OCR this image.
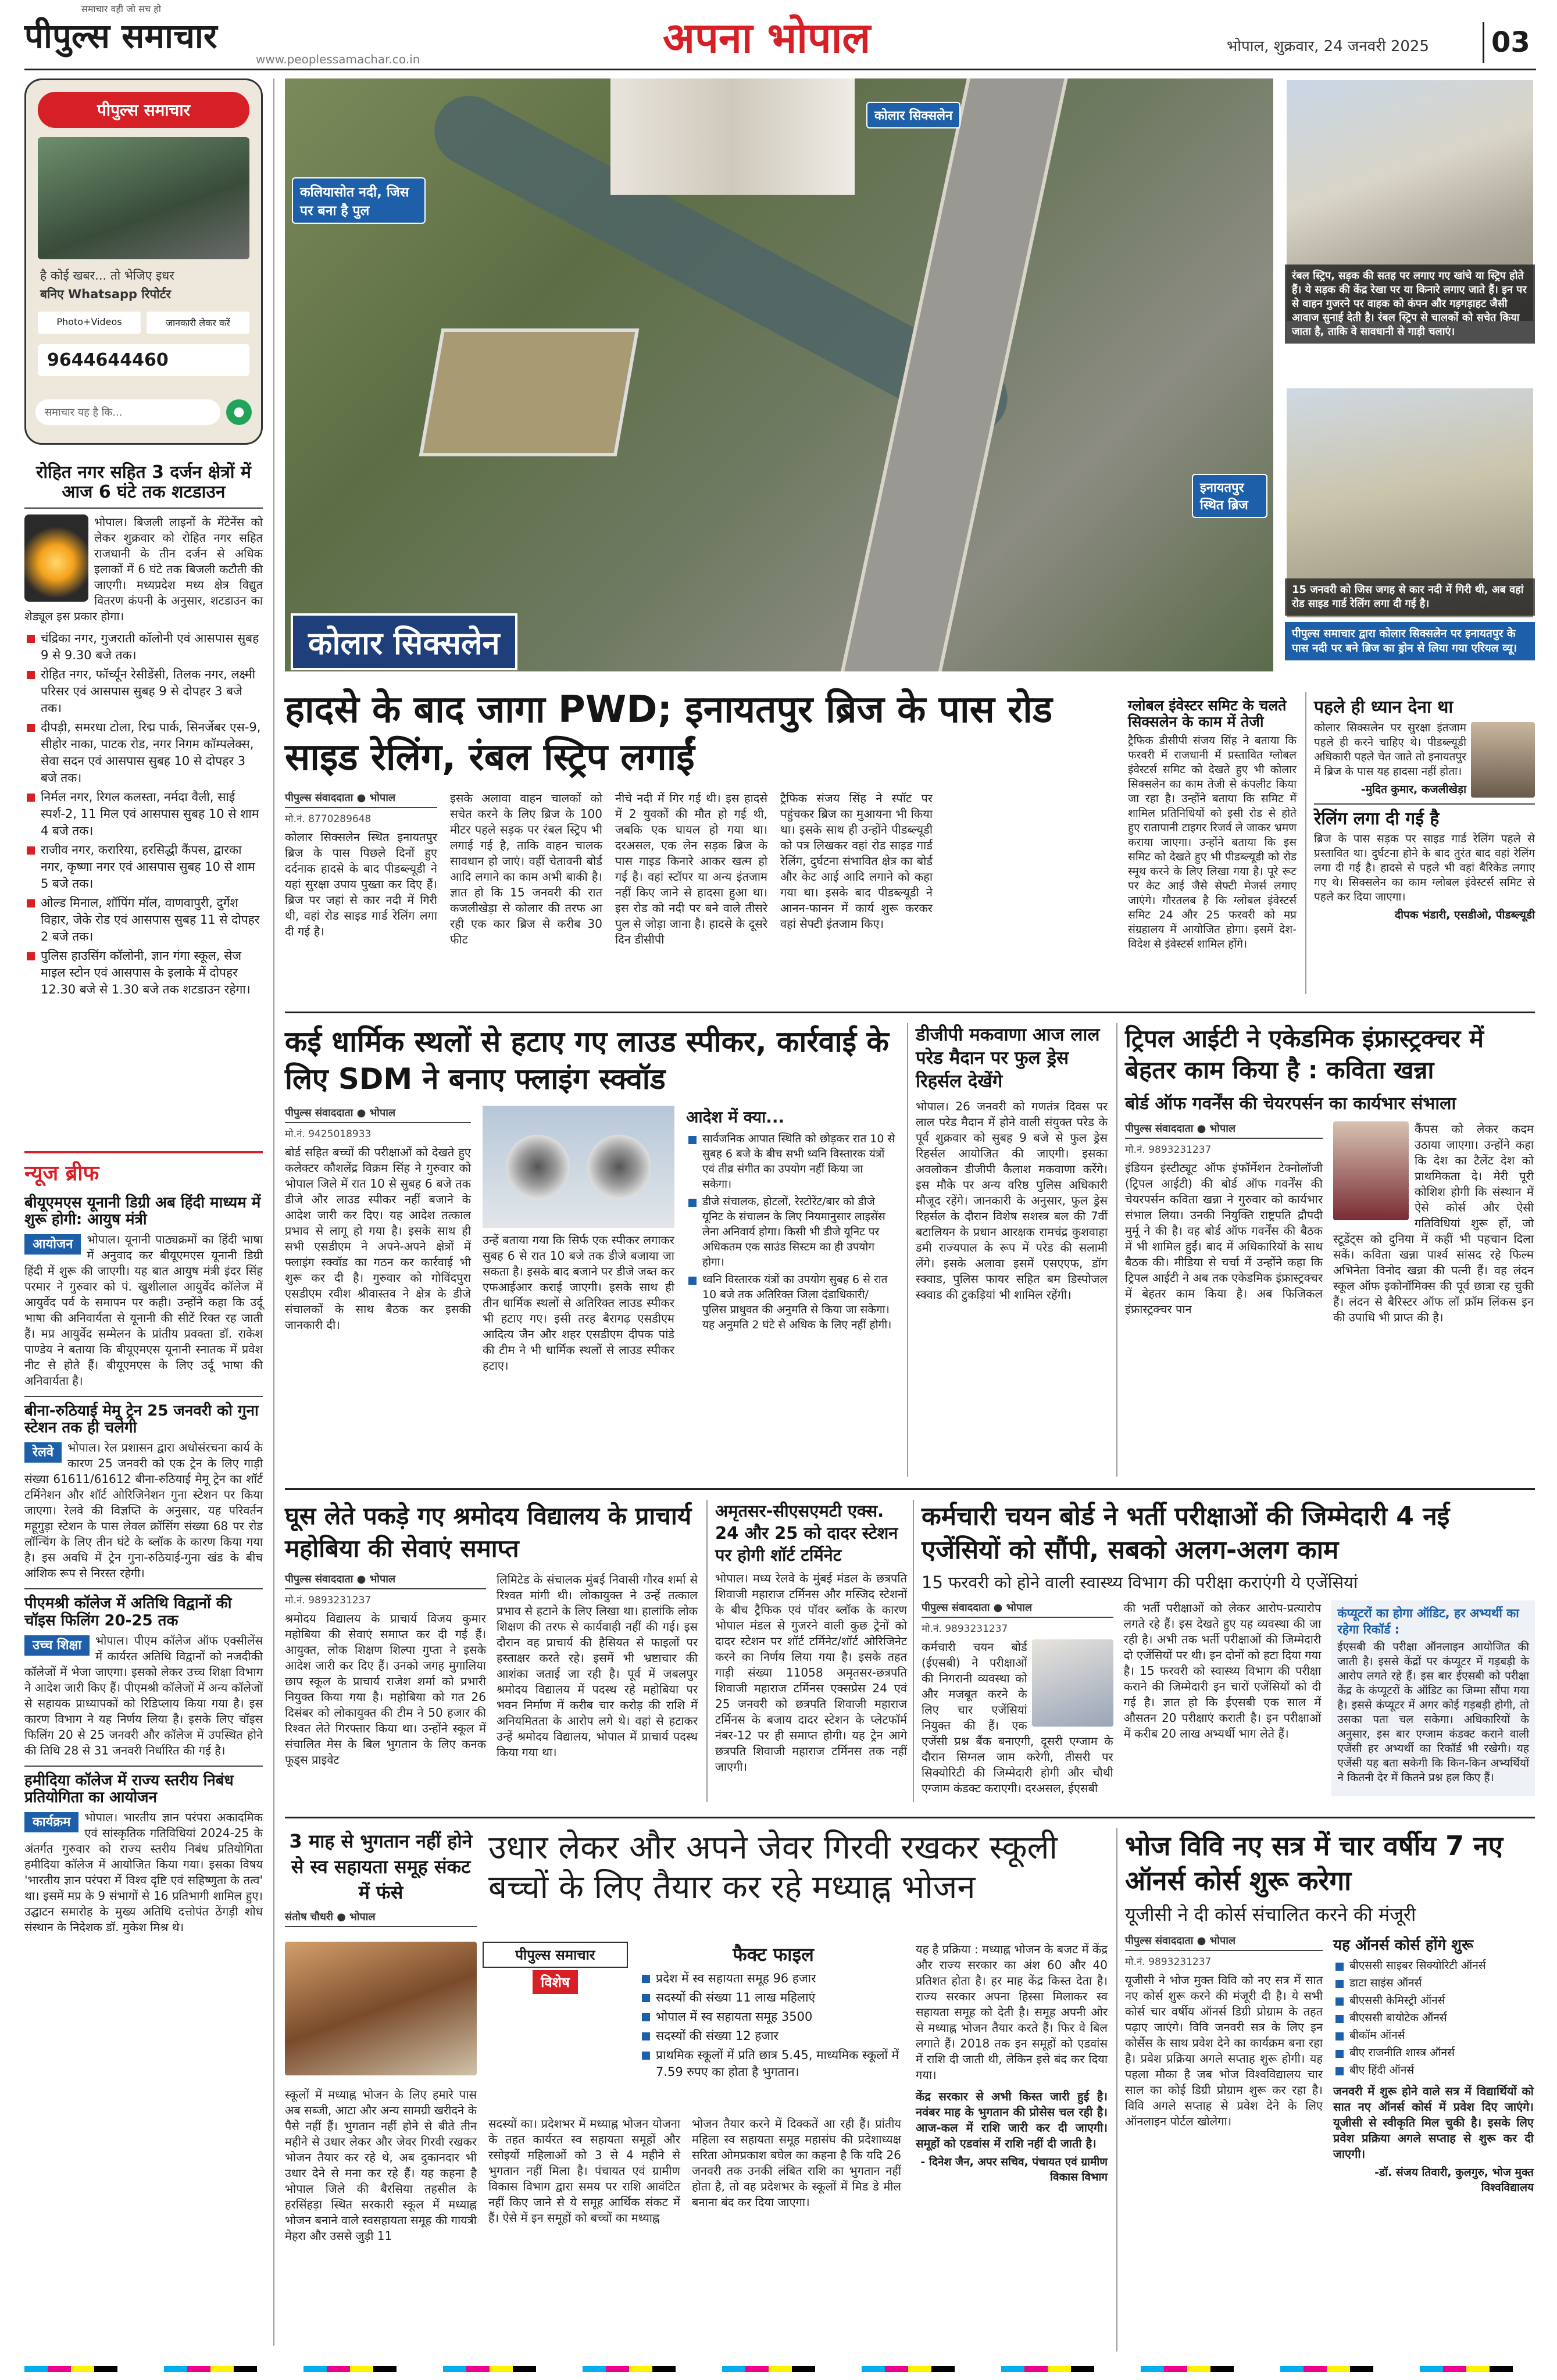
पीपुल्स समाचार
समाचार वही जो सच हो
www.peoplessamachar.co.in	अपना भोपाल	भोपाल, शुक्रवार, 24 जनवरी 2025	03
पीपुल्स समाचार
है कोई खबर... तो भेजिए इधर
बनिए Whatsapp रिपोर्टर
Photo+Videos	जानकारी लेकर करें
9644644460
समाचार यह है कि...	●
रोहित नगर सहित 3 दर्जन क्षेत्रों में आज 6 घंटे तक शटडाउन
भोपाल। बिजली लाइनों के मेंटेनेंस को लेकर शुक्रवार को रोहित नगर सहित राजधानी के तीन दर्जन से अधिक इलाकों में 6 घंटे तक बिजली कटौती की जाएगी। मध्यप्रदेश मध्य क्षेत्र विद्युत वितरण कंपनी के अनुसार, शटडाउन का शेड्यूल इस प्रकार होगा।
चंद्रिका नगर, गुजराती कॉलोनी एवं आसपास सुबह 9 से 9.30 बजे तक।
रोहित नगर, फॉर्च्यून रेसीडेंसी, तिलक नगर, लक्ष्मी परिसर एवं आसपास सुबह 9 से दोपहर 3 बजे तक।
दीपड़ी, समरधा टोला, रिद्म पार्क, सिनर्जेबर एस-9, सीहोर नाका, पाटक रोड, नगर निगम कॉम्पलेक्स, सेवा सदन एवं आसपास सुबह 10 से दोपहर 3 बजे तक।
निर्मल नगर, रिगल कलस्ता, नर्मदा वैली, साई स्पर्श-2, 11 मिल एवं आसपास सुबह 10 से शाम 4 बजे तक।
राजीव नगर, करारिया, हरसिद्धी कैंपस, द्वारका नगर, कृष्णा नगर एवं आसपास सुबह 10 से शाम 5 बजे तक।
ओल्ड मिनाल, शॉपिंग मॉल, वाणवापुरी, दुर्गेश विहार, जेके रोड एवं आसपास सुबह 11 से दोपहर 2 बजे तक।
पुलिस हाउसिंग कॉलोनी, ज्ञान गंगा स्कूल, सेज माइल स्टोन एवं आसपास के इलाके में दोपहर 12.30 बजे से 1.30 बजे तक शटडाउन रहेगा।
न्यूज ब्रीफ
बीयूएमएस यूनानी डिग्री अब हिंदी माध्यम में शुरू होगी: आयुष मंत्री
आयोजन	भोपाल। यूनानी पाठ्यक्रमों का हिंदी भाषा में अनुवाद कर बीयूएमएस यूनानी डिग्री हिंदी में शुरू की जाएगी। यह बात आयुष मंत्री इंदर सिंह परमार ने गुरुवार को पं. खुशीलाल आयुर्वेद कॉलेज में आयुर्वेद पर्व के समापन पर कही। उन्होंने कहा कि उर्दू भाषा की अनिवार्यता से यूनानी की सीटें रिक्त रह जाती हैं। मप्र आयुर्वेद सम्मेलन के प्रांतीय प्रवक्ता डॉ. राकेश पाण्डेय ने बताया कि बीयूएमएस यूनानी स्नातक में प्रवेश नीट से होते हैं। बीयूएमएस के लिए उर्दू भाषा की अनिवार्यता है।
बीना-रुठियाई मेमू ट्रेन 25 जनवरी को गुना स्टेशन तक ही चलेगी
रेलवे	भोपाल। रेल प्रशासन द्वारा अधोसंरचना कार्य के कारण 25 जनवरी को एक ट्रेन के लिए गाड़ी संख्या 61611/61612 बीना-रुठियाई मेमू ट्रेन का शॉर्ट टर्मिनेशन और शॉर्ट ओरिजिनेशन गुना स्टेशन पर किया जाएगा। रेलवे की विज्ञप्ति के अनुसार, यह परिवर्तन महूगुड़ा स्टेशन के पास लेवल क्रॉसिंग संख्या 68 पर रोड लॉन्चिंग के लिए तीन घंटे के ब्लॉक के कारण किया गया है। इस अवधि में ट्रेन गुना-रुठियाई-गुना खंड के बीच आंशिक रूप से निरस्त रहेगी।
पीएमश्री कॉलेज में अतिथि विद्वानों की चॉइस फिलिंग 20-25 तक
उच्च शिक्षा	भोपाल। पीएम कॉलेज ऑफ एक्सीलेंस में कार्यरत अतिथि विद्वानों को नजदीकी कॉलेजों में भेजा जाएगा। इसको लेकर उच्च शिक्षा विभाग ने आदेश जारी किए हैं। पीएमश्री कॉलेजों में अन्य कॉलेजों से सहायक प्राध्यापकों को रिडिप्लाय किया गया है। इस कारण विभाग ने यह निर्णय लिया है। इसके लिए चॉइस फिलिंग 20 से 25 जनवरी और कॉलेज में उपस्थित होने की तिथि 28 से 31 जनवरी निर्धारित की गई है।
हमीदिया कॉलेज में राज्य स्तरीय निबंध प्रतियोगिता का आयोजन
कार्यक्रम	भोपाल। भारतीय ज्ञान परंपरा अकादमिक एवं सांस्कृतिक गतिविधियां 2024-25 के अंतर्गत गुरुवार को राज्य स्तरीय निबंध प्रतियोगिता हमीदिया कॉलेज में आयोजित किया गया। इसका विषय 'भारतीय ज्ञान परंपरा में विश्व दृष्टि एवं सहिष्णुता के तत्व' था। इसमें मप्र के 9 संभागों से 16 प्रतिभागी शामिल हुए। उद्घाटन समारोह के मुख्य अतिथि दत्तोपंत ठेंगड़ी शोध संस्थान के निदेशक डॉ. मुकेश मिश्र थे।
कलियासोत नदी, जिस पर बना है पुल
कोलार सिक्सलेन
इनायतपुर स्थित ब्रिज
कोलार सिक्सलेन
रंबल स्ट्रिप, सड़क की सतह पर लगाए गए खांचे या स्ट्रिप होते हैं। ये सड़क की केंद्र रेखा पर या किनारे लगाए जाते हैं। इन पर से वाहन गुजरने पर वाहक को कंपन और गड़गड़ाहट जैसी आवाज सुनाई देती है। रंबल स्ट्रिप से चालकों को सचेत किया जाता है, ताकि वे सावधानी से गाड़ी चलाएं।
15 जनवरी को जिस जगह से कार नदी में गिरी थी, अब वहां रोड साइड गार्ड रेलिंग लगा दी गई है।
पीपुल्स समाचार द्वारा कोलार सिक्सलेन पर इनायतपुर के पास नदी पर बने ब्रिज का ड्रोन से लिया गया एरियल व्यू।
हादसे के बाद जागा PWD; इनायतपुर ब्रिज के पास रोड साइड रेलिंग, रंबल स्ट्रिप लगाईं
पीपुल्स संवाददाता ● भोपाल
मो.नं. 8770289648
कोलार सिक्सलेन स्थित इनायतपुर ब्रिज के पास पिछले दिनों हुए दर्दनाक हादसे के बाद पीडब्ल्यूडी ने यहां सुरक्षा उपाय पुख्ता कर दिए हैं। ब्रिज पर जहां से कार नदी में गिरी थी, वहां रोड साइड गार्ड रेलिंग लगा दी गई है।
इसके अलावा वाहन चालकों को सचेत करने के लिए ब्रिज के 100 मीटर पहले सड़क पर रंबल स्ट्रिप भी लगाई गई है, ताकि वाहन चालक सावधान हो जाएं। वहीं चेतावनी बोर्ड आदि लगाने का काम अभी बाकी है। ज्ञात हो कि 15 जनवरी की रात कजलीखेड़ा से कोलार की तरफ आ रही एक कार ब्रिज से करीब 30 फीट
नीचे नदी में गिर गई थी। इस हादसे में 2 युवकों की मौत हो गई थी, जबकि एक घायल हो गया था। दरअसल, एक लेन सड़क ब्रिज के पास गाइड किनारे आकर खत्म हो गई है। वहां स्टॉपर या अन्य इंतजाम नहीं किए जाने से हादसा हुआ था। इस रोड को नदी पर बने वाले तीसरे पुल से जोड़ा जाना है। हादसे के दूसरे दिन डीसीपी
ट्रैफिक संजय सिंह ने स्पॉट पर पहुंचकर ब्रिज का मुआयना भी किया था। इसके साथ ही उन्होंने पीडब्ल्यूडी को पत्र लिखकर वहां रोड साइड गार्ड रेलिंग, दुर्घटना संभावित क्षेत्र का बोर्ड और केट आई आदि लगाने को कहा गया था। इसके बाद पीडब्ल्यूडी ने आनन-फानन में कार्य शुरू करकर वहां सेफ्टी इंतजाम किए।
ग्लोबल इंवेस्टर समिट के चलते सिक्सलेन के काम में तेजी
ट्रैफिक डीसीपी संजय सिंह ने बताया कि फरवरी में राजधानी में प्रस्तावित ग्लोबल इंवेस्टर्स समिट को देखते हुए भी कोलार सिक्सलेन का काम तेजी से कंपलीट किया जा रहा है। उन्होंने बताया कि समिट में शामिल प्रतिनिधियों को इसी रोड से होते हुए रातापानी टाइगर रिजर्व ले जाकर भ्रमण कराया जाएगा। उन्होंने बताया कि इस समिट को देखते हुए भी पीडब्ल्यूडी को रोड स्मूथ करने के लिए लिखा गया है। पूरे रूट पर केट आई जैसे सेफ्टी मेजर्स लगाए जाएंगे। गौरतलब है कि ग्लोबल इंवेस्टर्स समिट 24 और 25 फरवरी को मप्र संग्रहालय में आयोजित होगा। इसमें देश-विदेश से इंवेस्टर्स शामिल होंगे।
पहले ही ध्यान देना था
कोलार सिक्सलेन पर सुरक्षा इंतजाम पहले ही करने चाहिए थे। पीडब्ल्यूडी अधिकारी पहले चेत जाते तो इनायतपुर में ब्रिज के पास यह हादसा नहीं होता।
-मुदित कुमार, कजलीखेड़ा
रेलिंग लगा दी गई है
ब्रिज के पास सड़क पर साइड गार्ड रेलिंग पहले से प्रस्तावित था। दुर्घटना होने के बाद तुरंत बाद वहां रेलिंग लगा दी गई है। हादसे से पहले भी वहां बैरिकेड लगाए गए थे। सिक्सलेन का काम ग्लोबल इंवेस्टर्स समिट से पहले कर दिया जाएगा।
दीपक भंडारी, एसडीओ, पीडब्ल्यूडी
कई धार्मिक स्थलों से हटाए गए लाउड स्पीकर, कार्रवाई के लिए SDM ने बनाए फ्लाइंग स्क्वॉड
पीपुल्स संवाददाता ● भोपाल
मो.नं. 9425018933
बोर्ड सहित बच्चों की परीक्षाओं को देखते हुए कलेक्टर कौशलेंद्र विक्रम सिंह ने गुरुवार को भोपाल जिले में रात 10 से सुबह 6 बजे तक डीजे और लाउड स्पीकर नहीं बजाने के आदेश जारी कर दिए। यह आदेश तत्काल प्रभाव से लागू हो गया है। इसके साथ ही सभी एसडीएम ने अपने-अपने क्षेत्रों में फ्लाइंग स्क्वॉड का गठन कर कार्रवाई भी शुरू कर दी है। गुरुवार को गोविंदपुरा एसडीएम रवीश श्रीवास्तव ने क्षेत्र के डीजे संचालकों के साथ बैठक कर इसकी जानकारी दी।
उन्हें बताया गया कि सिर्फ एक स्पीकर लगाकर सुबह 6 से रात 10 बजे तक डीजे बजाया जा सकता है। इसके बाद बजाने पर डीजे जब्त कर एफआईआर कराई जाएगी। इसके साथ ही तीन धार्मिक स्थलों से अतिरिक्त लाउड स्पीकर भी हटाए गए। इसी तरह बैरागढ़ एसडीएम आदित्य जैन और शहर एसडीएम दीपक पांडे की टीम ने भी धार्मिक स्थलों से लाउड स्पीकर हटाए।
आदेश में क्या...
सार्वजनिक आपात स्थिति को छोड़कर रात 10 से सुबह 6 बजे के बीच सभी ध्वनि विस्तारक यंत्रों एवं तीव्र संगीत का उपयोग नहीं किया जा सकेगा।
डीजे संचालक, होटलों, रेस्टोरेंट/बार को डीजे यूनिट के संचालन के लिए नियमानुसार लाइसेंस लेना अनिवार्य होगा। किसी भी डीजे यूनिट पर अधिकतम एक साउंड सिस्टम का ही उपयोग होगा।
ध्वनि विस्तारक यंत्रों का उपयोग सुबह 6 से रात 10 बजे तक अतिरिक्त जिला दंडाधिकारी/ पुलिस प्राधुवत की अनुमति से किया जा सकेगा। यह अनुमति 2 घंटे से अधिक के लिए नहीं होगी।
डीजीपी मकवाणा आज लाल परेड मैदान पर फुल ड्रेस रिहर्सल देखेंगे
भोपाल। 26 जनवरी को गणतंत्र दिवस पर लाल परेड मैदान में होने वाली संयुक्त परेड के पूर्व शुक्रवार को सुबह 9 बजे से फुल ड्रेस रिहर्सल आयोजित की जाएगी। इसका अवलोकन डीजीपी कैलाश मकवाणा करेंगे। इस मौके पर अन्य वरिष्ठ पुलिस अधिकारी मौजूद रहेंगे। जानकारी के अनुसार, फुल ड्रेस रिहर्सल के दौरान विशेष सशस्त्र बल की 7वीं बटालियन के प्रधान आरक्षक रामचंद्र कुशवाहा डमी राज्यपाल के रूप में परेड की सलामी लेंगे। इसके अलावा इसमें एसएएफ, डॉग स्क्वाड, पुलिस फायर सहित बम डिस्पोजल स्क्वाड की टुकड़ियां भी शामिल रहेंगी।
ट्रिपल आईटी ने एकेडमिक इंफ्रास्ट्रक्चर में बेहतर काम किया है : कविता खन्ना
बोर्ड ऑफ गवर्नेंस की चेयरपर्सन का कार्यभार संभाला
पीपुल्स संवाददाता ● भोपाल
मो.नं. 9893231237
इंडियन इंस्टीट्यूट ऑफ इंफॉर्मेशन टेक्नोलॉजी (ट्रिपल आईटी) की बोर्ड ऑफ गवर्नेंस की चेयरपर्सन कविता खन्ना ने गुरुवार को कार्यभार संभाल लिया। उनकी नियुक्ति राष्ट्रपति द्रौपदी मुर्मू ने की है। वह बोर्ड ऑफ गवर्नेंस की बैठक में भी शामिल हुईं। बाद में अधिकारियों के साथ बैठक की। मीडिया से चर्चा में उन्होंने कहा कि ट्रिपल आईटी ने अब तक एकेडमिक इंफ्रास्ट्रक्चर में बेहतर काम किया है। अब फिजिकल इंफ्रास्ट्रक्चर पान
कैंपस को लेकर कदम उठाया जाएगा। उन्होंने कहा कि देश का टैलेंट देश को प्राथमिकता दे। मेरी पूरी कोशिश होगी कि संस्थान में ऐसे कोर्स और ऐसी गतिविधियां शुरू हों, जो स्टूडेंट्स को दुनिया में कहीं भी पहचान दिला सकें। कविता खन्ना पार्श्व सांसद रहे फिल्म अभिनेता विनोद खन्ना की पत्नी हैं। वह लंदन स्कूल ऑफ इकोनॉमिक्स की पूर्व छात्रा रह चुकी हैं। लंदन से बैरिस्टर ऑफ लॉ फ्रॉम लिंकस इन की उपाधि भी प्राप्त की है।
घूस लेते पकड़े गए श्रमोदय विद्यालय के प्राचार्य महोबिया की सेवाएं समाप्त
पीपुल्स संवाददाता ● भोपाल
मो.नं. 9893231237
श्रमोदय विद्यालय के प्राचार्य विजय कुमार महोबिया की सेवाएं समाप्त कर दी गई हैं। आयुक्त, लोक शिक्षण शिल्पा गुप्ता ने इसके आदेश जारी कर दिए हैं। उनको जगह मुगालिया छाप स्कूल के प्राचार्य राजेश शर्मा को प्रभारी नियुक्त किया गया है। महोबिया को गत 26 दिसंबर को लोकायुक्त की टीम ने 50 हजार की रिश्वत लेते गिरफ्तार किया था। उन्होंने स्कूल में संचालित मेस के बिल भुगतान के लिए कनक फूड्स प्राइवेट
लिमिटेड के संचालक मुंबई निवासी गौरव शर्मा से रिश्वत मांगी थी। लोकायुक्त ने उन्हें तत्काल प्रभाव से हटाने के लिए लिखा था। हालांकि लोक शिक्षण की तरफ से कार्यवाही नहीं की गई। इस दौरान वह प्राचार्य की हैसियत से फाइलों पर हस्ताक्षर करते रहे। इसमें भी भ्रष्टाचार की आशंका जताई जा रही है। पूर्व में जबलपुर श्रमोदय विद्यालय में पदस्थ रहे महोबिया पर भवन निर्माण में करीब चार करोड़ की राशि में अनियमितता के आरोप लगे थे। वहां से हटाकर उन्हें श्रमोदय विद्यालय, भोपाल में प्राचार्य पदस्थ किया गया था।
अमृतसर-सीएसएमटी एक्स. 24 और 25 को दादर स्टेशन पर होगी शॉर्ट टर्मिनेट
भोपाल। मध्य रेलवे के मुंबई मंडल के छत्रपति शिवाजी महाराज टर्मिनस और मस्जिद स्टेशनों के बीच ट्रैफिक एवं पॉवर ब्लॉक के कारण भोपाल मंडल से गुजरने वाली कुछ ट्रेनों को दादर स्टेशन पर शॉर्ट टर्मिनेट/शॉर्ट ओरिजिनेट करने का निर्णय लिया गया है। इसके तहत गाड़ी संख्या 11058 अमृतसर-छत्रपति शिवाजी महाराज टर्मिनस एक्सप्रेस 24 एवं 25 जनवरी को छत्रपति शिवाजी महाराज टर्मिनस के बजाय दादर स्टेशन के प्लेटफॉर्म नंबर-12 पर ही समाप्त होगी। यह ट्रेन आगे छत्रपति शिवाजी महाराज टर्मिनस तक नहीं जाएगी।
कर्मचारी चयन बोर्ड ने भर्ती परीक्षाओं की जिम्मेदारी 4 नई एजेंसियों को सौंपी, सबको अलग-अलग काम
15 फरवरी को होने वाली स्वास्थ्य विभाग की परीक्षा कराएंगी ये एजेंसियां
पीपुल्स संवाददाता ● भोपाल
मो.नं. 9893231237
कर्मचारी चयन बोर्ड (ईएसबी) ने परीक्षाओं की निगरानी व्यवस्था को और मजबूत करने के लिए चार एजेंसियां नियुक्त की हैं। एक एजेंसी प्रश्न बैंक बनाएगी, दूसरी एग्जाम के दौरान सिग्नल जाम करेगी, तीसरी पर सिक्योरिटी की जिम्मेदारी होगी और चौथी एग्जाम कंडक्ट कराएगी। दरअसल, ईएसबी
की भर्ती परीक्षाओं को लेकर आरोप-प्रत्यारोप लगते रहे हैं। इस देखते हुए यह व्यवस्था की जा रही है। अभी तक भर्ती परीक्षाओं की जिम्मेदारी दो एजेंसियों पर थी। इन दोनों को हटा दिया गया है। 15 फरवरी को स्वास्थ्य विभाग की परीक्षा कराने की जिम्मेदारी इन चारों एजेंसियों को दी गई है। ज्ञात हो कि ईएसबी एक साल में औसतन 20 परीक्षाएं कराती है। इन परीक्षाओं में करीब 20 लाख अभ्यर्थी भाग लेते हैं।
कंप्यूटरों का होगा ऑडिट, हर अभ्यर्थी का रहेगा रिकॉर्ड :
ईएसबी की परीक्षा ऑनलाइन आयोजित की जाती है। इससे केंद्रों पर कंप्यूटर में गड़बड़ी के आरोप लगते रहे हैं। इस बार ईएसबी को परीक्षा केंद्र के कंप्यूटरों के ऑडिट का जिम्मा सौंपा गया है। इससे कंप्यूटर में अगर कोई गड़बड़ी होगी, तो उसका पता चल सकेगा। अधिकारियों के अनुसार, इस बार एग्जाम कंडक्ट कराने वाली एजेंसी हर अभ्यर्थी का रिकॉर्ड भी रखेगी। यह एजेंसी यह बता सकेगी कि किन-किन अभ्यर्थियों ने कितनी देर में कितने प्रश्न हल किए हैं।
3 माह से भुगतान नहीं होने से स्व सहायता समूह संकट में फंसे
संतोष चौधरी ● भोपाल
उधार लेकर और अपने जेवर गिरवी रखकर स्कूली बच्चों के लिए तैयार कर रहे मध्याह्न भोजन
पीपुल्स समाचार
विशेष
स्कूलों में मध्याह्न भोजन के लिए हमारे पास अब सब्जी, आटा और अन्य सामग्री खरीदने के पैसे नहीं हैं। भुगतान नहीं होने से बीते तीन महीने से उधार लेकर और जेवर गिरवी रखकर भोजन तैयार कर रहे थे, अब दुकानदार भी उधार देने से मना कर रहे हैं। यह कहना है भोपाल जिले की बैरसिया तहसील के हरसिंहड़ा स्थित सरकारी स्कूल में मध्याह्न भोजन बनाने वाले स्वसहायता समूह की गायत्री मेहरा और उससे जुड़ी 11
फैक्ट फाइल
प्रदेश में स्व सहायता समूह 96 हजार
सदस्यों की संख्या 11 लाख महिलाएं
भोपाल में स्व सहायता समूह 3500
सदस्यों की संख्या 12 हजार
प्राथमिक स्कूलों में प्रति छात्र 5.45, माध्यमिक स्कूलों में 7.59 रुपए का होता है भुगतान।
सदस्यों का। प्रदेशभर में मध्याह्न भोजन योजना के तहत कार्यरत स्व सहायता समूहों और रसोइयों महिलाओं को 3 से 4 महीने से भुगतान नहीं मिला है। पंचायत एवं ग्रामीण विकास विभाग द्वारा समय पर राशि आवंटित नहीं किए जाने से ये समूह आर्थिक संकट में हैं। ऐसे में इन समूहों को बच्चों का मध्याह्न
भोजन तैयार करने में दिक्कतें आ रही हैं। प्रांतीय महिला स्व सहायता समूह महासंघ की प्रदेशाध्यक्ष सरिता ओमप्रकाश बघेल का कहना है कि यदि 26 जनवरी तक उनकी लंबित राशि का भुगतान नहीं होता है, तो वह प्रदेशभर के स्कूलों में मिड डे मील बनाना बंद कर दिया जाएगा।
यह है प्रक्रिया : मध्याह्न भोजन के बजट में केंद्र और राज्य सरकार का अंश 60 और 40 प्रतिशत होता है। हर माह केंद्र किस्त देता है। राज्य सरकार अपना हिस्सा मिलाकर स्व सहायता समूह को देती है। समूह अपनी ओर से मध्याह्न भोजन तैयार करते हैं। फिर वे बिल लगाते हैं। 2018 तक इन समूहों को एडवांस में राशि दी जाती थी, लेकिन इसे बंद कर दिया गया।
केंद्र सरकार से अभी किस्त जारी हुई है। नवंबर माह के भुगतान की प्रोसेस चल रही है। आज-कल में राशि जारी कर दी जाएगी। समूहों को एडवांस में राशि नहीं दी जाती है।
- दिनेश जैन, अपर सचिव, पंचायत एवं ग्रामीण विकास विभाग
भोज विवि नए सत्र में चार वर्षीय 7 नए ऑनर्स कोर्स शुरू करेगा
यूजीसी ने दी कोर्स संचालित करने की मंजूरी
पीपुल्स संवाददाता ● भोपाल
मो.नं. 9893231237
यूजीसी ने भोज मुक्त विवि को नए सत्र में सात नए कोर्स शुरू करने की मंजूरी दी है। ये सभी कोर्स चार वर्षीय ऑनर्स डिग्री प्रोग्राम के तहत पढ़ाए जाएंगे। विवि जनवरी सत्र के लिए इन कोर्सेस के साथ प्रवेश देने का कार्यक्रम बना रहा है। प्रवेश प्रक्रिया अगले सप्ताह शुरू होगी। यह पहला मौका है जब भोज विश्वविद्यालय चार साल का कोई डिग्री प्रोग्राम शुरू कर रहा है। विवि अगले सप्ताह से प्रवेश देने के लिए ऑनलाइन पोर्टल खोलेगा।
यह ऑनर्स कोर्स होंगे शुरू
बीएससी साइबर सिक्योरिटी ऑनर्स
डाटा साइंस ऑनर्स
बीएससी केमिस्ट्री ऑनर्स
बीएससी बायोटेक ऑनर्स
बीकॉम ऑनर्स
बीए राजनीति शास्त्र ऑनर्स
बीए हिंदी ऑनर्स
जनवरी में शुरू होने वाले सत्र में विद्यार्थियों को सात नए ऑनर्स कोर्स में प्रवेश दिए जाएंगे। यूजीसी से स्वीकृति मिल चुकी है। इसके लिए प्रवेश प्रक्रिया अगले सप्ताह से शुरू कर दी जाएगी।
-डॉ. संजय तिवारी, कुलगुरु, भोज मुक्त विश्वविद्यालय
